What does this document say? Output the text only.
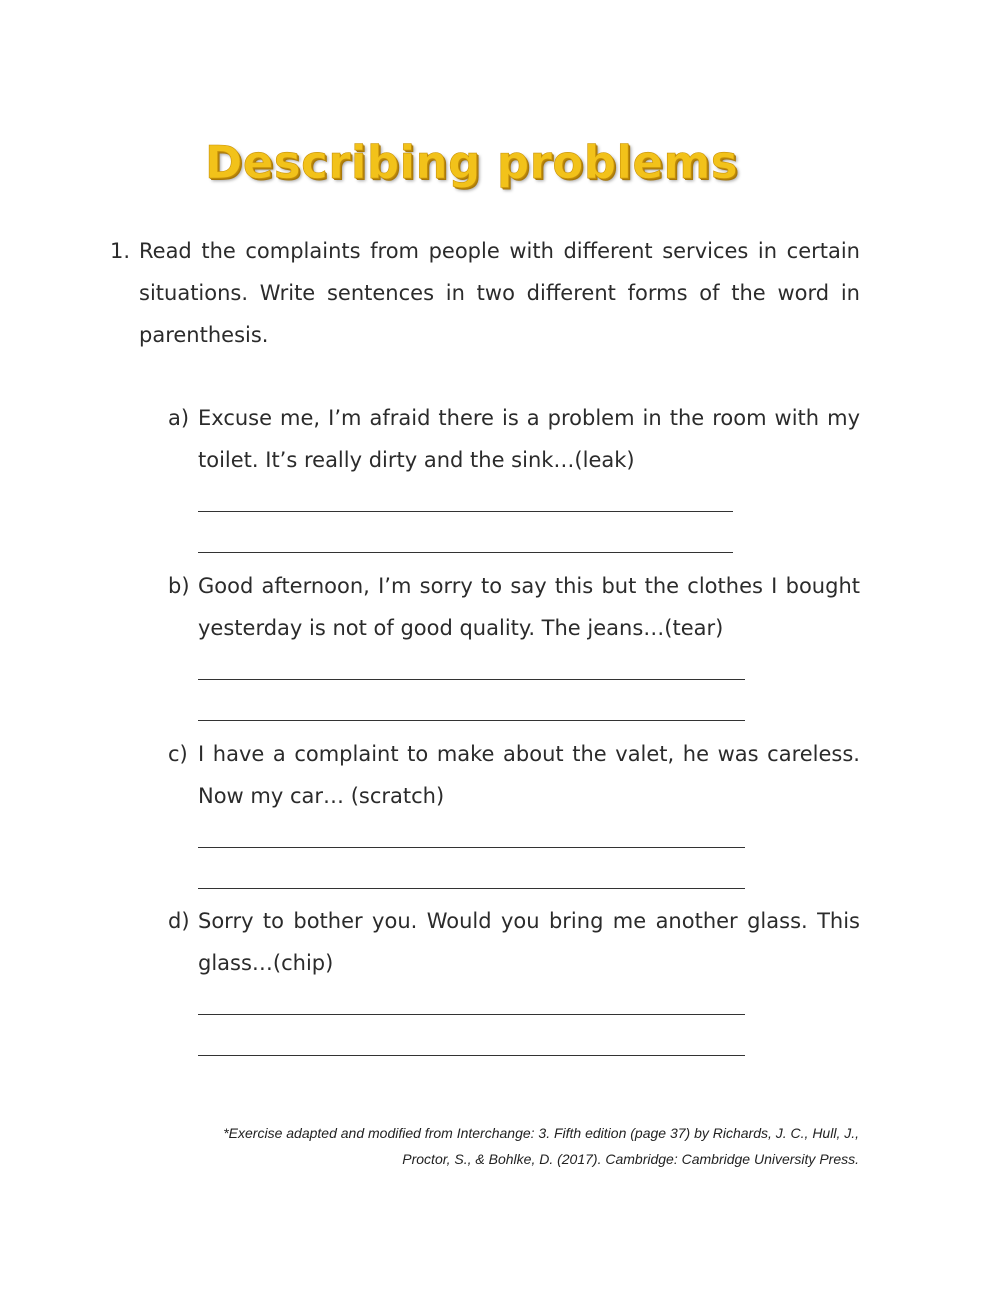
Describing problems
1. Read the complaints from people with different services in certain situations. Write sentences in two different forms of the word in parenthesis.
a) Excuse me, I’m afraid there is a problem in the room with my toilet. It’s really dirty and the sink…(leak)
b) Good afternoon, I’m sorry to say this but the clothes I bought yesterday is not of good quality. The jeans…(tear)
c) I have a complaint to make about the valet, he was careless. Now my car… (scratch)
d) Sorry to bother you. Would you bring me another glass. This glass…(chip)
*Exercise adapted and modified from Interchange: 3. Fifth edition (page 37) by Richards, J. C., Hull, J.,
Proctor, S., & Bohlke, D. (2017). Cambridge: Cambridge University Press.
